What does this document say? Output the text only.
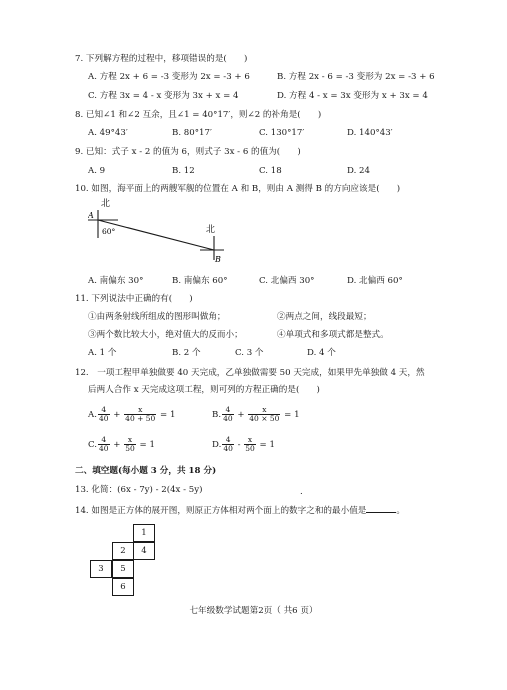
7. 下列解方程的过程中，移项错误的是(　　)
A. 方程 2x + 6 = -3 变形为 2x = -3 + 6	B. 方程 2x - 6 = -3 变形为 2x = -3 + 6
C. 方程 3x = 4 - x 变形为 3x + x = 4	D. 方程 4 - x = 3x 变形为 x + 3x = 4
8. 已知∠1 和∠2 互余，且∠1 = 40°17′，则∠2 的补角是(　　)
A. 49°43′	B. 80°17′	C. 130°17′	D. 140°43′
9. 已知：式子 x - 2 的值为 6，则式子 3x - 6 的值为(　　)
A. 9	B. 12	C. 18	D. 24
10. 如图，海平面上的两艘军舰的位置在 A 和 B，则由 A 测得 B 的方向应该是(　　)
北
A
60°	北
B
A. 南偏东 30°	B. 南偏东 60°	C. 北偏西 30°	D. 北偏西 60°
11. 下列说法中正确的有(　　)
①由两条射线所组成的图形叫做角；	②两点之间，线段最短；
③两个数比较大小，绝对值大的反而小；	④单项式和多项式都是整式。
A. 1 个	B. 2 个	C. 3 个	D. 4 个
12.　一项工程甲单独做要 40 天完成，乙单独做需要 50 天完成，如果甲先单独做 4 天，然
后两人合作 x 天完成这项工程，则可列的方程正确的是(　　)
A. $\frac{4}{40} + \frac{x}{40 + 50} = 1$	B. $\frac{4}{40} + \frac{x}{40 \times 50} = 1$
C. $\frac{4}{40} + \frac{x}{50} = 1$	D. $\frac{4}{40} - \frac{x}{50} = 1$
二、填空题(每小题 3 分，共 18 分)
13. 化简：(6x - 7y) - 2(4x - 5y)	.
14. 如图是正方体的展开图，则原正方体相对两个面上的数字之和的最小值是	。
1
2	4
3	5
6
七年级数学试题第2页（ 共6 页）
